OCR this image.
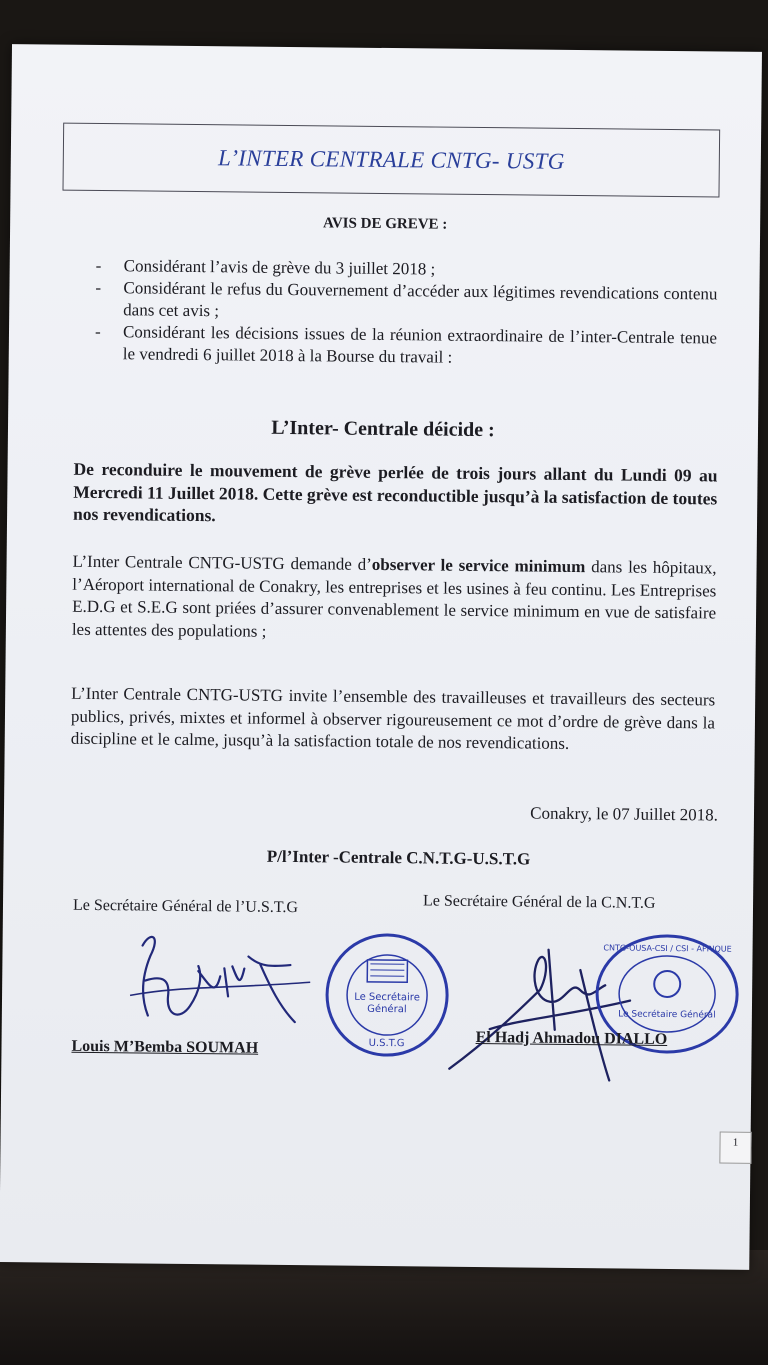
L’INTER CENTRALE CNTG- USTG
AVIS DE GREVE :
- Considérant l’avis de grève du 3 juillet 2018 ;
- Considérant le refus du Gouvernement d’accéder aux légitimes revendications contenu dans cet avis ;
- Considérant les décisions issues de la réunion extraordinaire de l’inter-Centrale tenue le vendredi 6 juillet 2018 à la Bourse du travail :
L’Inter- Centrale déicide :
De reconduire le mouvement de grève perlée de trois jours allant du Lundi 09 au Mercredi 11 Juillet 2018. Cette grève est reconductible jusqu’à la satisfaction de toutes nos revendications.
L’Inter Centrale CNTG-USTG demande d’observer le service minimum dans les hôpitaux, l’Aéroport international de Conakry, les entreprises et les usines à feu continu. Les Entreprises E.D.G et S.E.G sont priées d’assurer convenablement le service minimum en vue de satisfaire les attentes des populations ;
L’Inter Centrale CNTG-USTG invite l’ensemble des travailleuses et travailleurs des secteurs publics, privés, mixtes et informel à observer rigoureusement ce mot d’ordre de grève dans la discipline et le calme, jusqu’à la satisfaction totale de nos revendications.
Conakry, le 07 Juillet 2018.
P/l’Inter -Centrale C.N.T.G-U.S.T.G
Le Secrétaire Général de l’U.S.T.G	Le Secrétaire Général de la C.N.T.G
Le Secrétaire
Général
U.S.T.G
Louis M’Bemba SOUMAH
CNTG-OUSA-CSI / CSI - AFRIQUE
Le Secrétaire Général
El Hadj Ahmadou DIALLO
1
